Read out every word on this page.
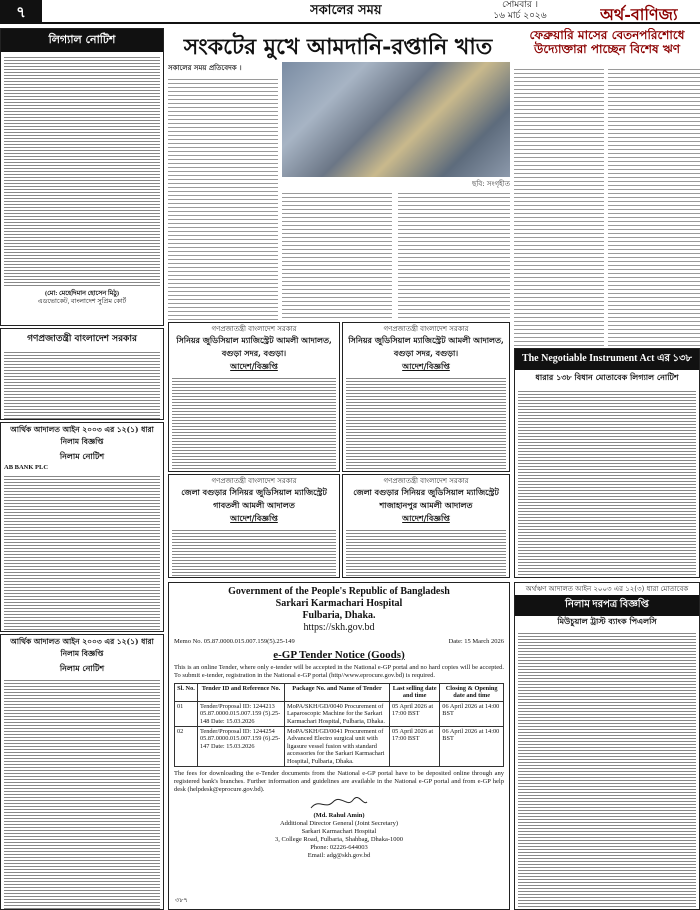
৭	সকালের সময়	সোমবার ।
১৬ মার্চ ২০২৬	অর্থ-বাণিজ্য
লিগ্যাল নোটিশ
(মো: মেহেদিমান হোসেন মিঠু)
এডভোকেট, বাংলাদেশ সুপ্রিম কোর্ট
গণপ্রজাতন্ত্রী বাংলাদেশ সরকার
আর্থিক আদালত আইন ২০০৩ এর ১২(১) ধারা নিলাম বিজ্ঞপ্তি
নিলাম নোটিশ
AB BANK PLC
আর্থিক আদালত আইন ২০০৩ এর ১২(১) ধারা নিলাম বিজ্ঞপ্তি
নিলাম নোটিশ
সংকটের মুখে আমদানি-রপ্তানি খাত
সকালের সময় প্রতিবেদক ।
ছবি: সংগৃহীত
ফেব্রুয়ারি মাসের বেতনপরিশোধে উদ্যোক্তারা পাচ্ছেন বিশেষ ঋণ
গণপ্রজাতন্ত্রী বাংলাদেশ সরকার
সিনিয়র জুডিসিয়াল ম্যাজিস্ট্রেট আমলী আদালত, বগুড়া সদর, বগুড়া।
আদেশ/বিজ্ঞপ্তি
গণপ্রজাতন্ত্রী বাংলাদেশ সরকার
সিনিয়র জুডিসিয়াল ম্যাজিস্ট্রেট আমলী আদালত, বগুড়া সদর, বগুড়া।
আদেশ/বিজ্ঞপ্তি
গণপ্রজাতন্ত্রী বাংলাদেশ সরকার
জেলা বগুড়ার সিনিয়র জুডিসিয়াল ম্যাজিস্ট্রেট গাবতলী আমলী আদালত
আদেশ/বিজ্ঞপ্তি
গণপ্রজাতন্ত্রী বাংলাদেশ সরকার
জেলা বগুড়ার সিনিয়র জুডিসিয়াল ম্যাজিস্ট্রেট শাজাহানপুর আমলী আদালত
আদেশ/বিজ্ঞপ্তি
The Negotiable Instrument Act এর ১৩৮
ধারার ১৩৮ বিধান মোতাবেক লিগ্যাল নোটিশ
Government of the People's Republic of Bangladesh
Sarkari Karmachari Hospital
Fulbaria, Dhaka.
https://skh.gov.bd
Memo No. 05.87.0000.015.007.159(5).25-149	Date: 15 March 2026
e-GP Tender Notice (Goods)
This is an online Tender, where only e-tender will be accepted in the National e-GP portal and no hard copies will be accepted. To submit e-tender, registration in the National e-GP portal (http//www.eprocure.gov.bd) is required.
Sl. No.	Tender ID and Reference No.	Package No. and Name of Tender	Last selling date and time	Closing & Opening date and time
01	Tender/Proposal ID: 1244213 05.87.0000.015.007.159 (5).25-148 Date: 15.03.2026	MoPA/SKH/GD/0040 Procurement of Laparoscopic Machine for the Sarkari Karmachari Hospital, Fulbaria, Dhaka.	05 April 2026 at 17:00 BST	06 April 2026 at 14:00 BST
02	Tender/Proposal ID: 1244254 05.87.0000.015.007.159 (6).25-147 Date: 15.03.2026	MoPA/SKH/GD/0041 Procurement of Advanced Electro surgical unit with ligasure vessel fusion with standard accessories for the Sarkari Karmachari Hospital, Fulbaria, Dhaka.	05 April 2026 at 17:00 BST	06 April 2026 at 14:00 BST
The fees for downloading the e-Tender documents from the National e-GP portal have to be deposited online through any registered bank's branches. Further information and guidelines are available in the National e-GP portal and from e-GP help desk (helpdesk@eprocure.gov.bd).
(Md. Rahul Amin)
Additional Director General (Joint Secretary)
Sarkari Karmachari Hospital
3, College Road, Fulbaria, Shahbag, Dhaka-1000
Phone: 02226-644003
Email: adg@skh.gov.bd
৩৮৭
অর্থঋণ আদালত আইন ২০০৩ এর ১২(৩) ধারা মোতাবেক
নিলাম দরপত্র বিজ্ঞপ্তি
মিউচুয়াল ট্রাস্ট ব্যাংক পিএলসি
